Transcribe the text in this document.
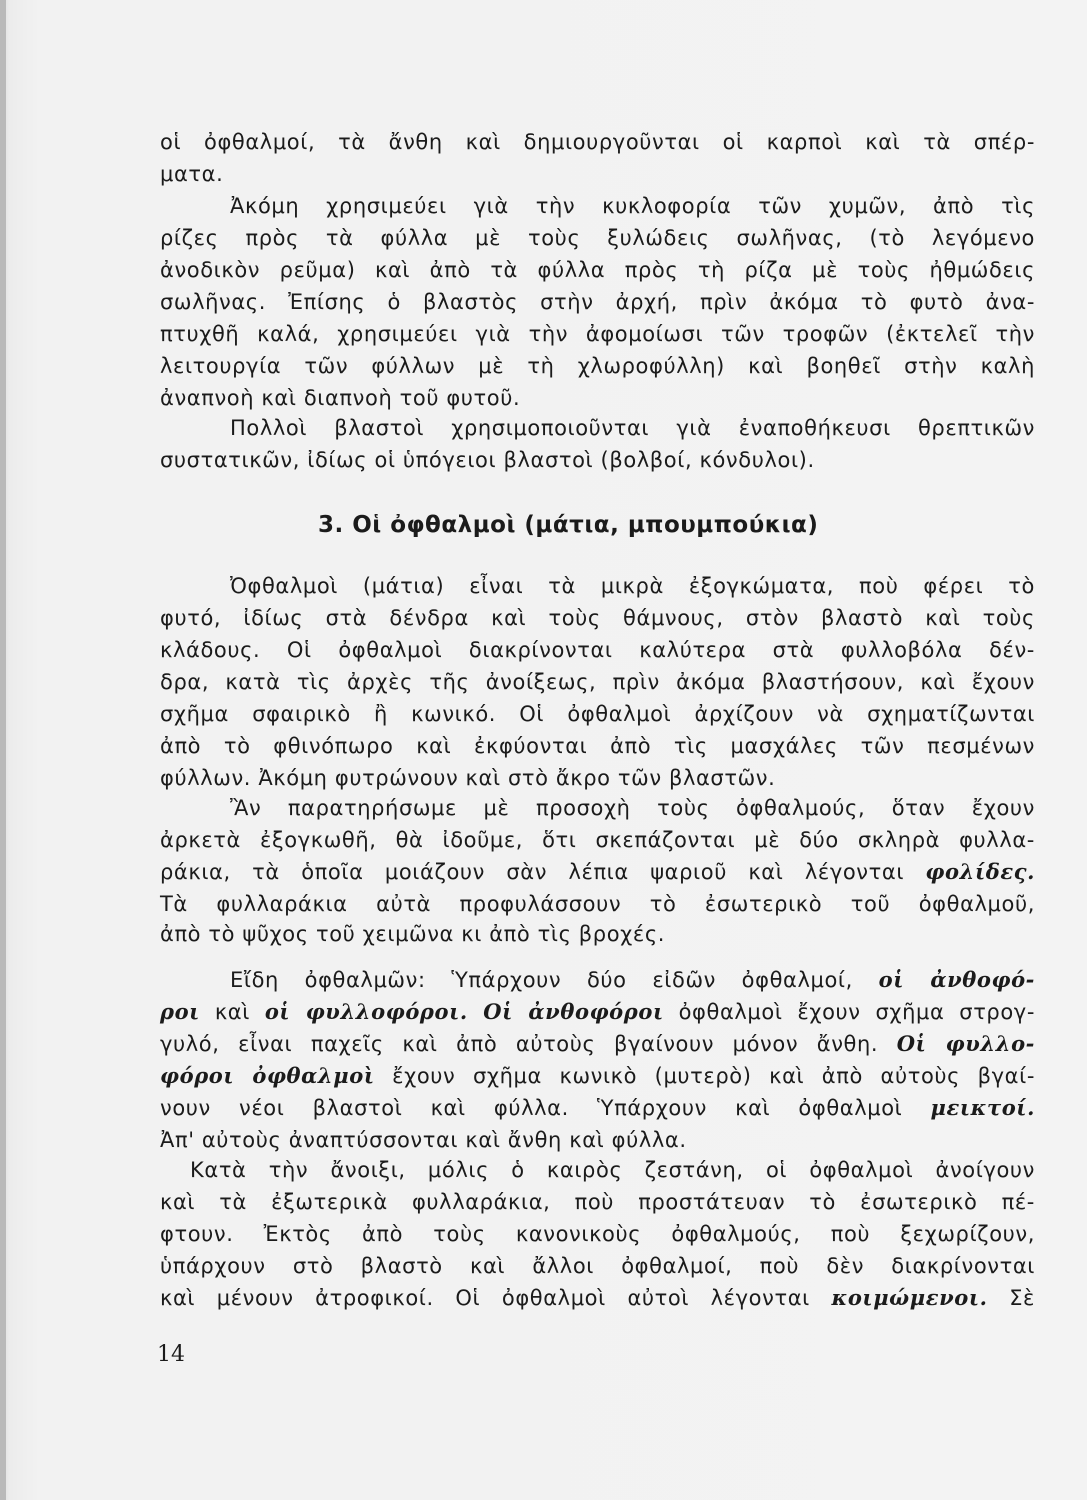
οἱ ὀφθαλμοί, τὰ ἄνθη καὶ δημιουργοῦνται οἱ καρποὶ καὶ τὰ σπέρ-
ματα.
Ἀκόμη χρησιμεύει γιὰ τὴν κυκλοφορία τῶν χυμῶν, ἀπὸ τὶς
ρίζες πρὸς τὰ φύλλα μὲ τοὺς ξυλώδεις σωλῆνας, (τὸ λεγόμενο
ἀνοδικὸν ρεῦμα) καὶ ἀπὸ τὰ φύλλα πρὸς τὴ ρίζα μὲ τοὺς ἠθμώδεις
σωλῆνας. Ἐπίσης ὁ βλαστὸς στὴν ἀρχή, πρὶν ἀκόμα τὸ φυτὸ ἀνα-
πτυχθῆ καλά, χρησιμεύει γιὰ τὴν ἀφομοίωσι τῶν τροφῶν (ἐκτελεῖ τὴν
λειτουργία τῶν φύλλων μὲ τὴ χλωροφύλλη) καὶ βοηθεῖ στὴν καλὴ
ἀναπνοὴ καὶ διαπνοὴ τοῦ φυτοῦ.
Πολλοὶ βλαστοὶ χρησιμοποιοῦνται γιὰ ἐναποθήκευσι θρεπτικῶν
συστατικῶν, ἰδίως οἱ ὑπόγειοι βλαστοὶ (βολβοί, κόνδυλοι).
3. Οἱ ὀφθαλμοὶ (μάτια, μπουμπούκια)
Ὀφθαλμοὶ (μάτια) εἶναι τὰ μικρὰ ἐξογκώματα, ποὺ φέρει τὸ
φυτό, ἰδίως στὰ δένδρα καὶ τοὺς θάμνους, στὸν βλαστὸ καὶ τοὺς
κλάδους. Οἱ ὀφθαλμοὶ διακρίνονται καλύτερα στὰ φυλλοβόλα δέν-
δρα, κατὰ τὶς ἀρχὲς τῆς ἀνοίξεως, πρὶν ἀκόμα βλαστήσουν, καὶ ἔχουν
σχῆμα σφαιρικὸ ἢ κωνικό. Οἱ ὀφθαλμοὶ ἀρχίζουν νὰ σχηματίζωνται
ἀπὸ τὸ φθινόπωρο καὶ ἐκφύονται ἀπὸ τὶς μασχάλες τῶν πεσμένων
φύλλων. Ἀκόμη φυτρώνουν καὶ στὸ ἄκρο τῶν βλαστῶν.
Ἂν παρατηρήσωμε μὲ προσοχὴ τοὺς ὀφθαλμούς, ὅταν ἔχουν
ἀρκετὰ ἐξογκωθῆ, θὰ ἰδοῦμε, ὅτι σκεπάζονται μὲ δύο σκληρὰ φυλλα-
ράκια, τὰ ὁποῖα μοιάζουν σὰν λέπια ψαριοῦ καὶ λέγονται φολίδες.
Τὰ φυλλαράκια αὐτὰ προφυλάσσουν τὸ ἐσωτερικὸ τοῦ ὀφθαλμοῦ,
ἀπὸ τὸ ψῦχος τοῦ χειμῶνα κι ἀπὸ τὶς βροχές.
Εἴδη ὀφθαλμῶν: Ὑπάρχουν δύο εἰδῶν ὀφθαλμοί, οἱ ἀνθοφό-
ροι καὶ οἱ φυλλοφόροι. Οἱ ἀνθοφόροι ὀφθαλμοὶ ἔχουν σχῆμα στρογ-
γυλό, εἶναι παχεῖς καὶ ἀπὸ αὐτοὺς βγαίνουν μόνον ἄνθη. Οἱ φυλλο-
φόροι ὀφθαλμοὶ ἔχουν σχῆμα κωνικὸ (μυτερὸ) καὶ ἀπὸ αὐτοὺς βγαί-
νουν νέοι βλαστοὶ καὶ φύλλα. Ὑπάρχουν καὶ ὀφθαλμοὶ μεικτοί.
Ἀπ' αὐτοὺς ἀναπτύσσονται καὶ ἄνθη καὶ φύλλα.
Κατὰ τὴν ἄνοιξι, μόλις ὁ καιρὸς ζεστάνη, οἱ ὀφθαλμοὶ ἀνοίγουν
καὶ τὰ ἐξωτερικὰ φυλλαράκια, ποὺ προστάτευαν τὸ ἐσωτερικὸ πέ-
φτουν. Ἐκτὸς ἀπὸ τοὺς κανονικοὺς ὀφθαλμούς, ποὺ ξεχωρίζουν,
ὑπάρχουν στὸ βλαστὸ καὶ ἄλλοι ὀφθαλμοί, ποὺ δὲν διακρίνονται
καὶ μένουν ἀτροφικοί. Οἱ ὀφθαλμοὶ αὐτοὶ λέγονται κοιμώμενοι. Σὲ
14
